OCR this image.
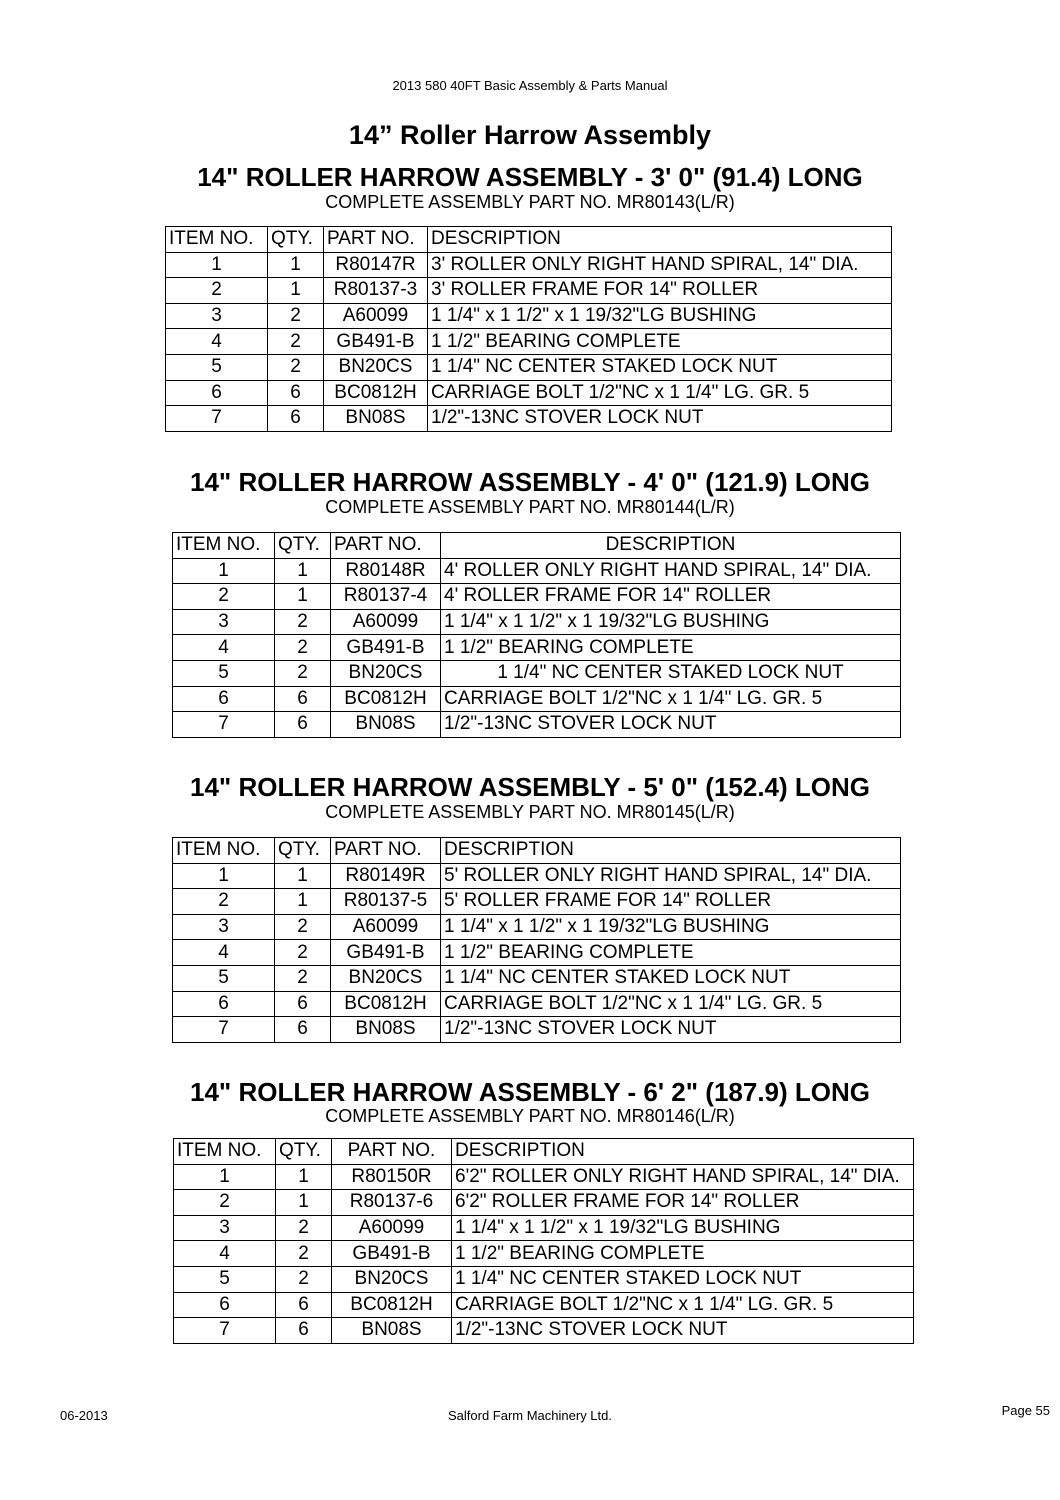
2013 580 40FT Basic Assembly & Parts Manual
14” Roller Harrow Assembly
14" ROLLER HARROW ASSEMBLY - 3' 0" (91.4) LONG
COMPLETE ASSEMBLY PART NO. MR80143(L/R)
ITEM NO.	QTY.	PART NO.	DESCRIPTION
1	1	R80147R	3' ROLLER ONLY RIGHT HAND SPIRAL, 14" DIA.
2	1	R80137-3	3' ROLLER FRAME FOR 14" ROLLER
3	2	A60099	1 1/4" x 1 1/2" x 1 19/32"LG BUSHING
4	2	GB491-B	1 1/2" BEARING COMPLETE
5	2	BN20CS	1 1/4" NC CENTER STAKED LOCK NUT
6	6	BC0812H	CARRIAGE BOLT 1/2"NC x 1 1/4" LG. GR. 5
7	6	BN08S	1/2"-13NC STOVER LOCK NUT
14" ROLLER HARROW ASSEMBLY - 4' 0" (121.9) LONG
COMPLETE ASSEMBLY PART NO. MR80144(L/R)
ITEM NO.	QTY.	PART NO.	DESCRIPTION
1	1	R80148R	4' ROLLER ONLY RIGHT HAND SPIRAL, 14" DIA.
2	1	R80137-4	4' ROLLER FRAME FOR 14" ROLLER
3	2	A60099	1 1/4" x 1 1/2" x 1 19/32"LG BUSHING
4	2	GB491-B	1 1/2" BEARING COMPLETE
5	2	BN20CS	1 1/4" NC CENTER STAKED LOCK NUT
6	6	BC0812H	CARRIAGE BOLT 1/2"NC x 1 1/4" LG. GR. 5
7	6	BN08S	1/2"-13NC STOVER LOCK NUT
14" ROLLER HARROW ASSEMBLY - 5' 0" (152.4) LONG
COMPLETE ASSEMBLY PART NO. MR80145(L/R)
ITEM NO.	QTY.	PART NO.	DESCRIPTION
1	1	R80149R	5' ROLLER ONLY RIGHT HAND SPIRAL, 14" DIA.
2	1	R80137-5	5' ROLLER FRAME FOR 14" ROLLER
3	2	A60099	1 1/4" x 1 1/2" x 1 19/32"LG BUSHING
4	2	GB491-B	1 1/2" BEARING COMPLETE
5	2	BN20CS	1 1/4" NC CENTER STAKED LOCK NUT
6	6	BC0812H	CARRIAGE BOLT 1/2"NC x 1 1/4" LG. GR. 5
7	6	BN08S	1/2"-13NC STOVER LOCK NUT
14" ROLLER HARROW ASSEMBLY - 6' 2" (187.9) LONG
COMPLETE ASSEMBLY PART NO. MR80146(L/R)
ITEM NO.	QTY.	PART NO.	DESCRIPTION
1	1	R80150R	6'2" ROLLER ONLY RIGHT HAND SPIRAL, 14" DIA.
2	1	R80137-6	6'2" ROLLER FRAME FOR 14" ROLLER
3	2	A60099	1 1/4" x 1 1/2" x 1 19/32"LG BUSHING
4	2	GB491-B	1 1/2" BEARING COMPLETE
5	2	BN20CS	1 1/4" NC CENTER STAKED LOCK NUT
6	6	BC0812H	CARRIAGE BOLT 1/2"NC x 1 1/4" LG. GR. 5
7	6	BN08S	1/2"-13NC STOVER LOCK NUT
06-2013	Salford Farm Machinery Ltd.	Page 55
